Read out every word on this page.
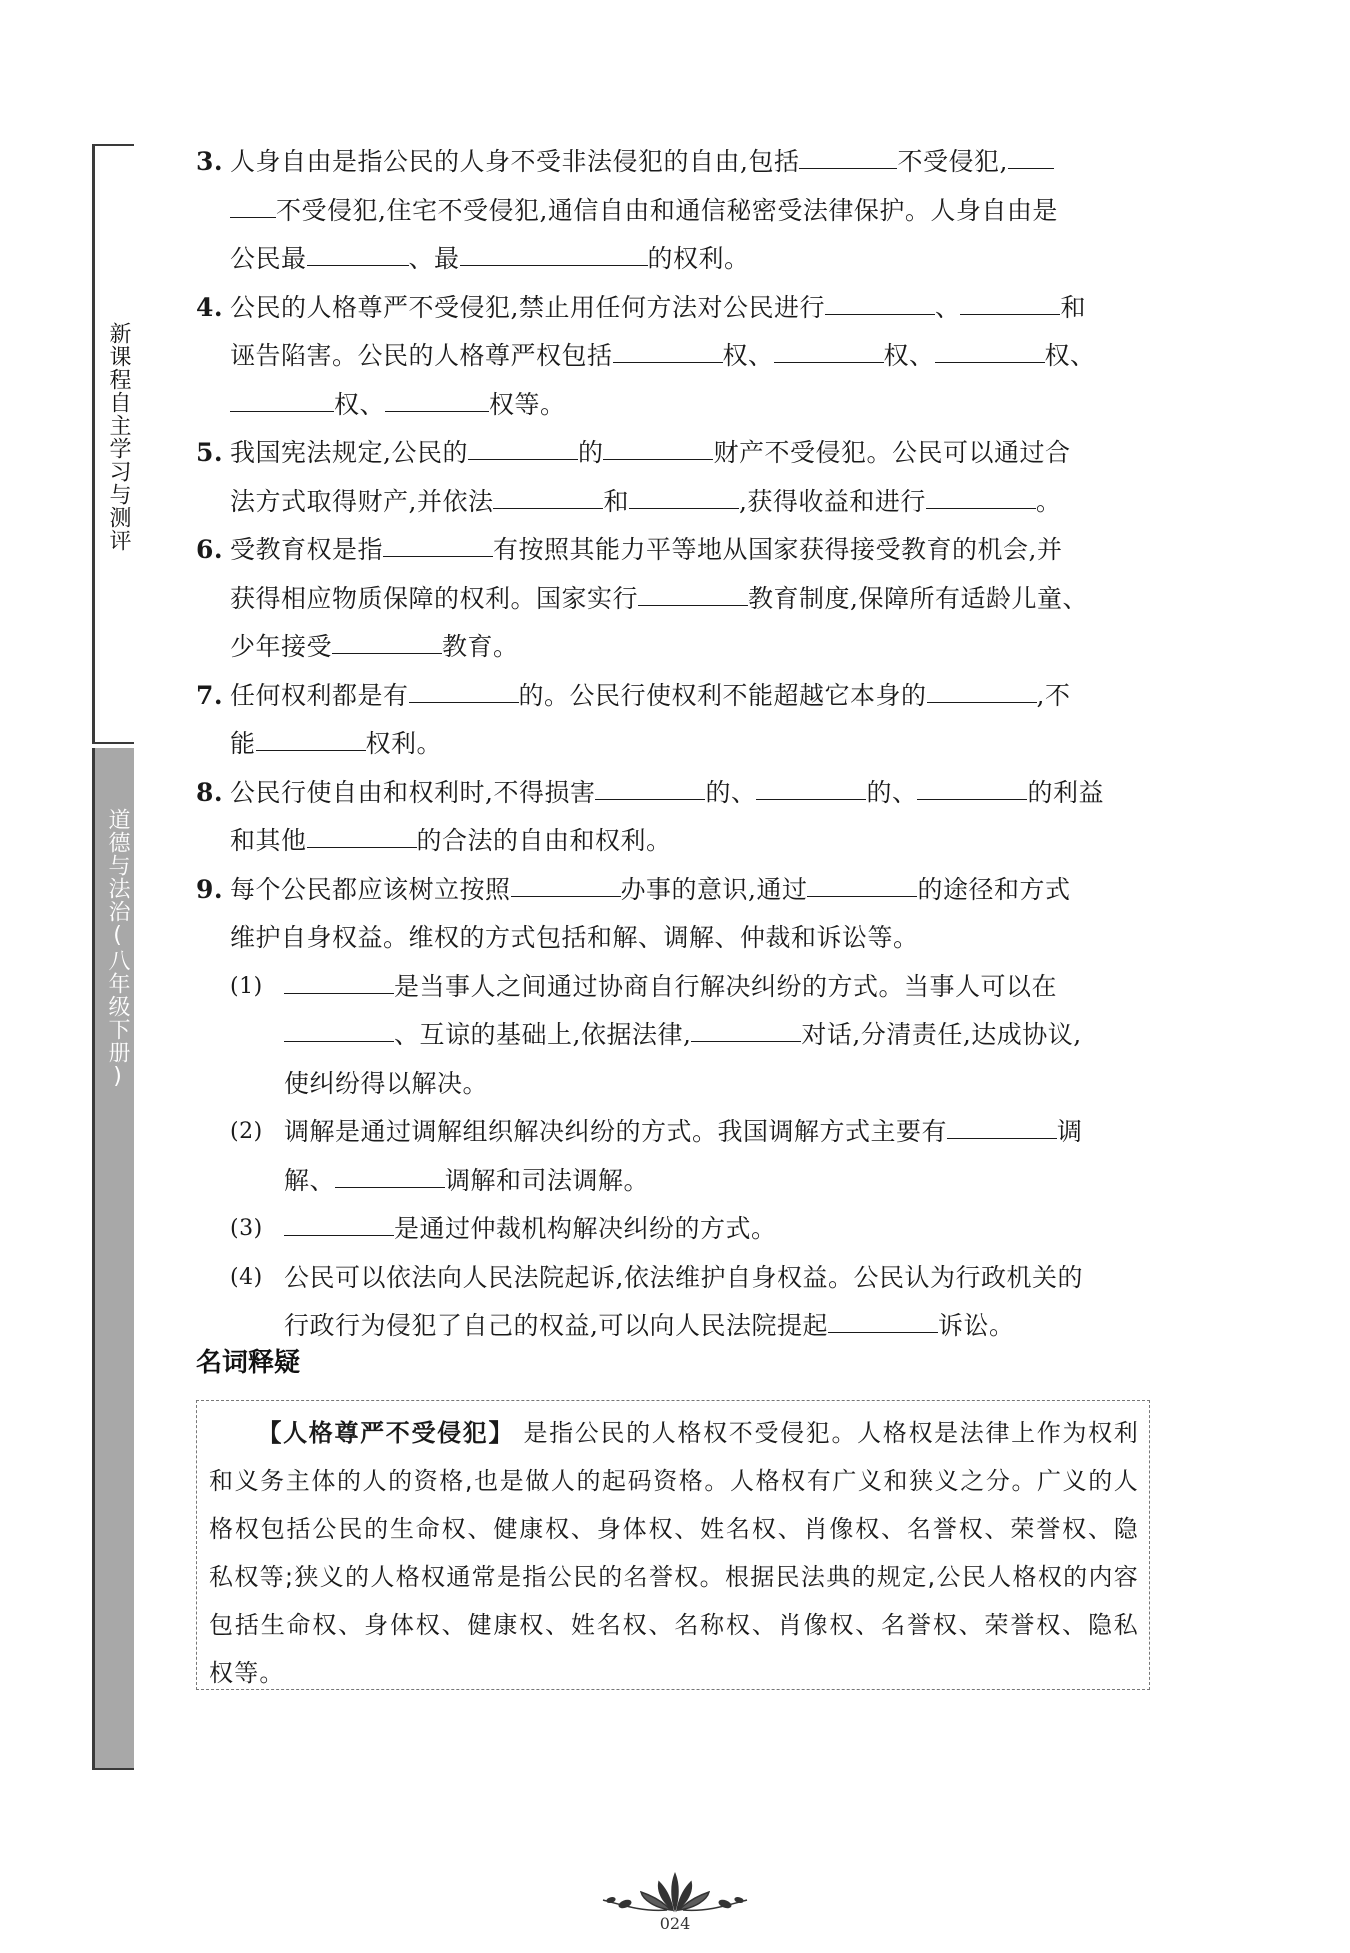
新课程自主学习与测评
道德与法治(八年级下册)
3. 人身自由是指公民的人身不受非法侵犯的自由,包括	不受侵犯,
不受侵犯,住宅不受侵犯,通信自由和通信秘密受法律保护。人身自由是
公民最	、最	的权利。
4. 公民的人格尊严不受侵犯,禁止用任何方法对公民进行	、	和
诬告陷害。公民的人格尊严权包括	权、	权、	权、
权、	权等。
5. 我国宪法规定,公民的	的	财产不受侵犯。公民可以通过合
法方式取得财产,并依法	和	,获得收益和进行	。
6. 受教育权是指	有按照其能力平等地从国家获得接受教育的机会,并
获得相应物质保障的权利。国家实行	教育制度,保障所有适龄儿童、
少年接受	教育。
7. 任何权利都是有	的。公民行使权利不能超越它本身的	,不
能	权利。
8. 公民行使自由和权利时,不得损害	的、	的、	的利益
和其他	的合法的自由和权利。
9. 每个公民都应该树立按照	办事的意识,通过	的途径和方式
维护自身权益。维权的方式包括和解、调解、仲裁和诉讼等。
(1)	是当事人之间通过协商自行解决纠纷的方式。当事人可以在
、互谅的基础上,依据法律,	对话,分清责任,达成协议,
使纠纷得以解决。
(2) 调解是通过调解组织解决纠纷的方式。我国调解方式主要有	调
解、	调解和司法调解。
(3)	是通过仲裁机构解决纠纷的方式。
(4) 公民可以依法向人民法院起诉,依法维护自身权益。公民认为行政机关的
行政行为侵犯了自己的权益,可以向人民法院提起	诉讼。
名词释疑
【人格尊严不受侵犯】 是指公民的人格权不受侵犯。人格权是法律上作为权利和义务主体的人的资格,也是做人的起码资格。人格权有广义和狭义之分。广义的人格权包括公民的生命权、健康权、身体权、姓名权、肖像权、名誉权、荣誉权、隐私权等;狭义的人格权通常是指公民的名誉权。根据民法典的规定,公民人格权的内容包括生命权、身体权、健康权、姓名权、名称权、肖像权、名誉权、荣誉权、隐私权等。
024
